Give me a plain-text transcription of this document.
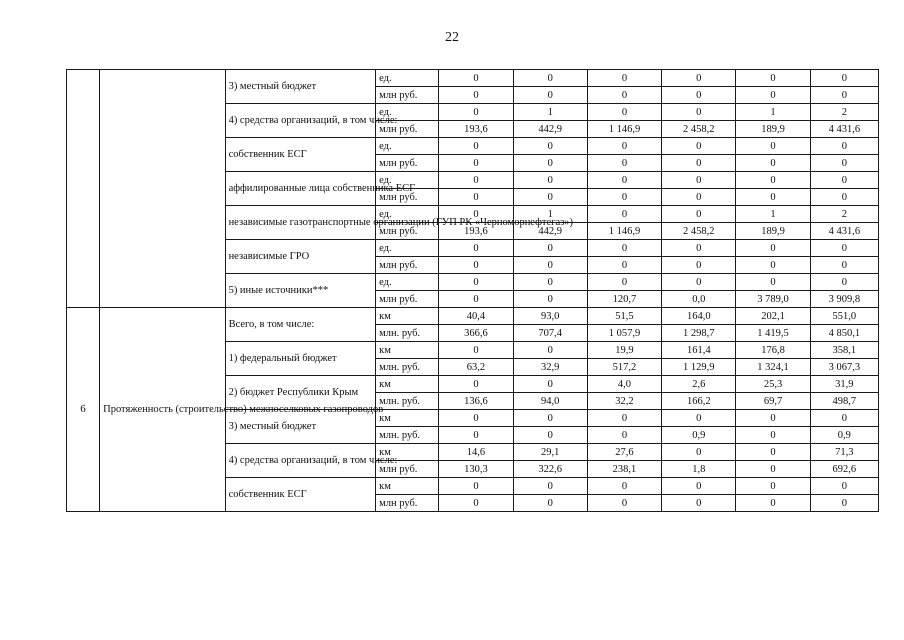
22
		3) местный бюджет	ед.	0	0	0	0	0	0
			млн руб.	0	0	0	0	0	0
		4) средства организаций, в том числе:	ед.	0	1	0	0	1	2
			млн руб.	193,6	442,9	1 146,9	2 458,2	189,9	4 431,6
		собственник ЕСГ	ед.	0	0	0	0	0	0
			млн руб.	0	0	0	0	0	0
		аффилированные лица собственника ЕСГ	ед.	0	0	0	0	0	0
			млн руб.	0	0	0	0	0	0
		независимые газотранспортные организации (ГУП РК «Черноморнефтегаз»)	ед.	0	1	0	0	1	2
			млн руб.	193,6	442,9	1 146,9	2 458,2	189,9	4 431,6
		независимые ГРО	ед.	0	0	0	0	0	0
			млн руб.	0	0	0	0	0	0
		5) иные источники***	ед.	0	0	0	0	0	0
			млн руб.	0	0	120,7	0,0	3 789,0	3 909,8
6	Протяженность (строительство) межпоселковых газопроводов	Всего, в том числе:	км	40,4	93,0	51,5	164,0	202,1	551,0
			млн. руб.	366,6	707,4	1 057,9	1 298,7	1 419,5	4 850,1
		1) федеральный бюджет	км	0	0	19,9	161,4	176,8	358,1
			млн. руб.	63,2	32,9	517,2	1 129,9	1 324,1	3 067,3
		2) бюджет Республики Крым	км	0	0	4,0	2,6	25,3	31,9
			млн. руб.	136,6	94,0	32,2	166,2	69,7	498,7
		3) местный бюджет	км	0	0	0	0	0	0
			млн. руб.	0	0	0	0,9	0	0,9
		4) средства организаций, в том числе:	км	14,6	29,1	27,6	0	0	71,3
			млн руб.	130,3	322,6	238,1	1,8	0	692,6
		собственник ЕСГ	км	0	0	0	0	0	0
			млн руб.	0	0	0	0	0	0
